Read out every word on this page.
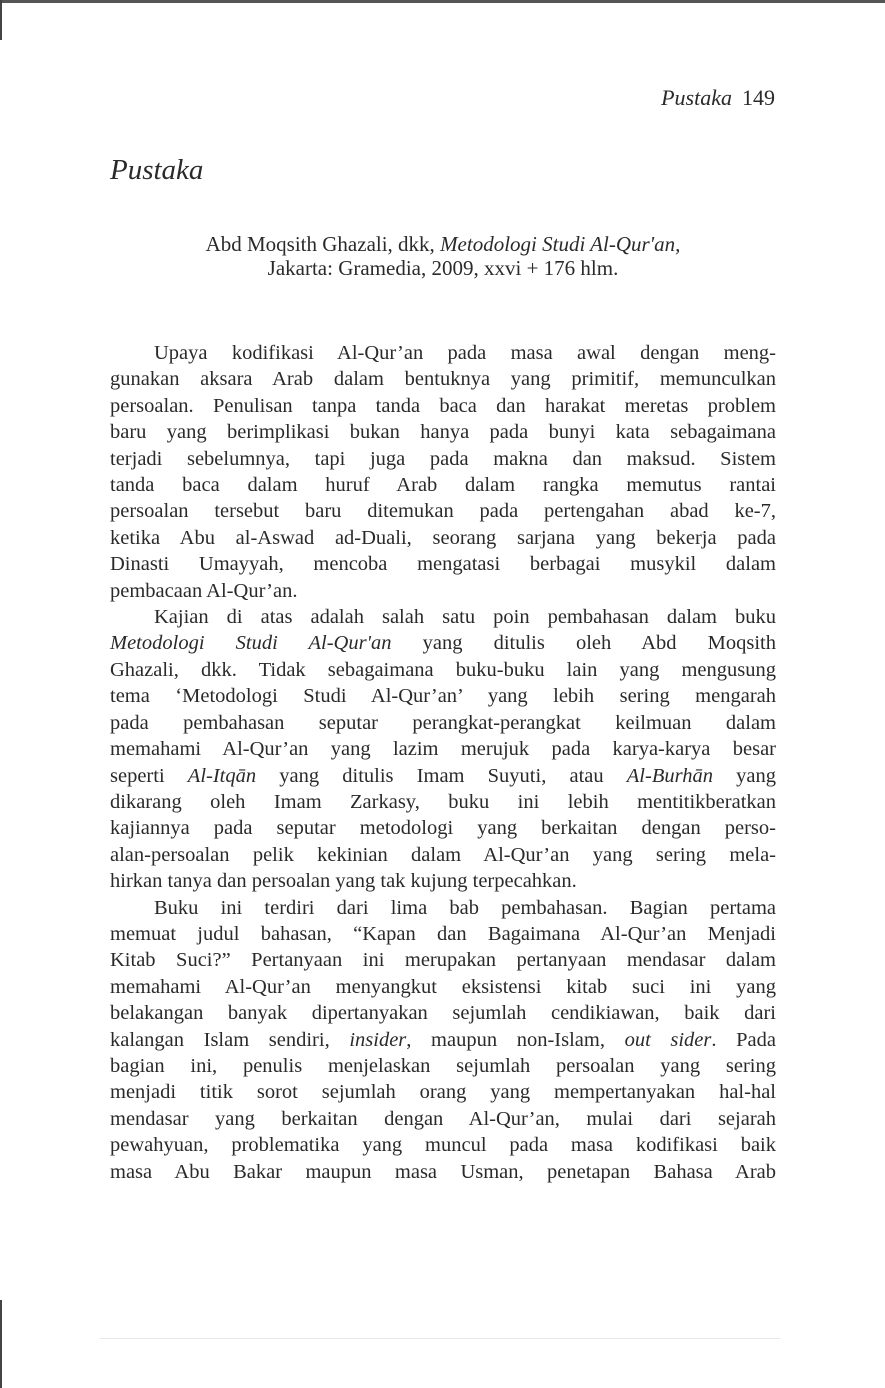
Pustaka 149
Pustaka
Abd Moqsith Ghazali, dkk, Metodologi Studi Al-Qur'an,
Jakarta: Gramedia, 2009, xxvi + 176 hlm.
Upaya kodifikasi Al-Qur’an pada masa awal dengan meng-
gunakan aksara Arab dalam bentuknya yang primitif, memunculkan
persoalan. Penulisan tanpa tanda baca dan harakat meretas problem
baru yang berimplikasi bukan hanya pada bunyi kata sebagaimana
terjadi sebelumnya, tapi juga pada makna dan maksud. Sistem
tanda baca dalam huruf Arab dalam rangka memutus rantai
persoalan tersebut baru ditemukan pada pertengahan abad ke-7,
ketika Abu al-Aswad ad-Duali, seorang sarjana yang bekerja pada
Dinasti Umayyah, mencoba mengatasi berbagai musykil dalam
pembacaan Al-Qur’an.
Kajian di atas adalah salah satu poin pembahasan dalam buku
Metodologi Studi Al-Qur'an yang ditulis oleh Abd Moqsith
Ghazali, dkk. Tidak sebagaimana buku-buku lain yang mengusung
tema ‘Metodologi Studi Al-Qur’an’ yang lebih sering mengarah
pada pembahasan seputar perangkat-perangkat keilmuan dalam
memahami Al-Qur’an yang lazim merujuk pada karya-karya besar
seperti Al-Itqān yang ditulis Imam Suyuti, atau Al-Burhān yang
dikarang oleh Imam Zarkasy, buku ini lebih mentitikberatkan
kajiannya pada seputar metodologi yang berkaitan dengan perso-
alan-persoalan pelik kekinian dalam Al-Qur’an yang sering mela-
hirkan tanya dan persoalan yang tak kujung terpecahkan.
Buku ini terdiri dari lima bab pembahasan. Bagian pertama
memuat judul bahasan, “Kapan dan Bagaimana Al-Qur’an Menjadi
Kitab Suci?” Pertanyaan ini merupakan pertanyaan mendasar dalam
memahami Al-Qur’an menyangkut eksistensi kitab suci ini yang
belakangan banyak dipertanyakan sejumlah cendikiawan, baik dari
kalangan Islam sendiri, insider, maupun non-Islam, out sider. Pada
bagian ini, penulis menjelaskan sejumlah persoalan yang sering
menjadi titik sorot sejumlah orang yang mempertanyakan hal-hal
mendasar yang berkaitan dengan Al-Qur’an, mulai dari sejarah
pewahyuan, problematika yang muncul pada masa kodifikasi baik
masa Abu Bakar maupun masa Usman, penetapan Bahasa Arab
